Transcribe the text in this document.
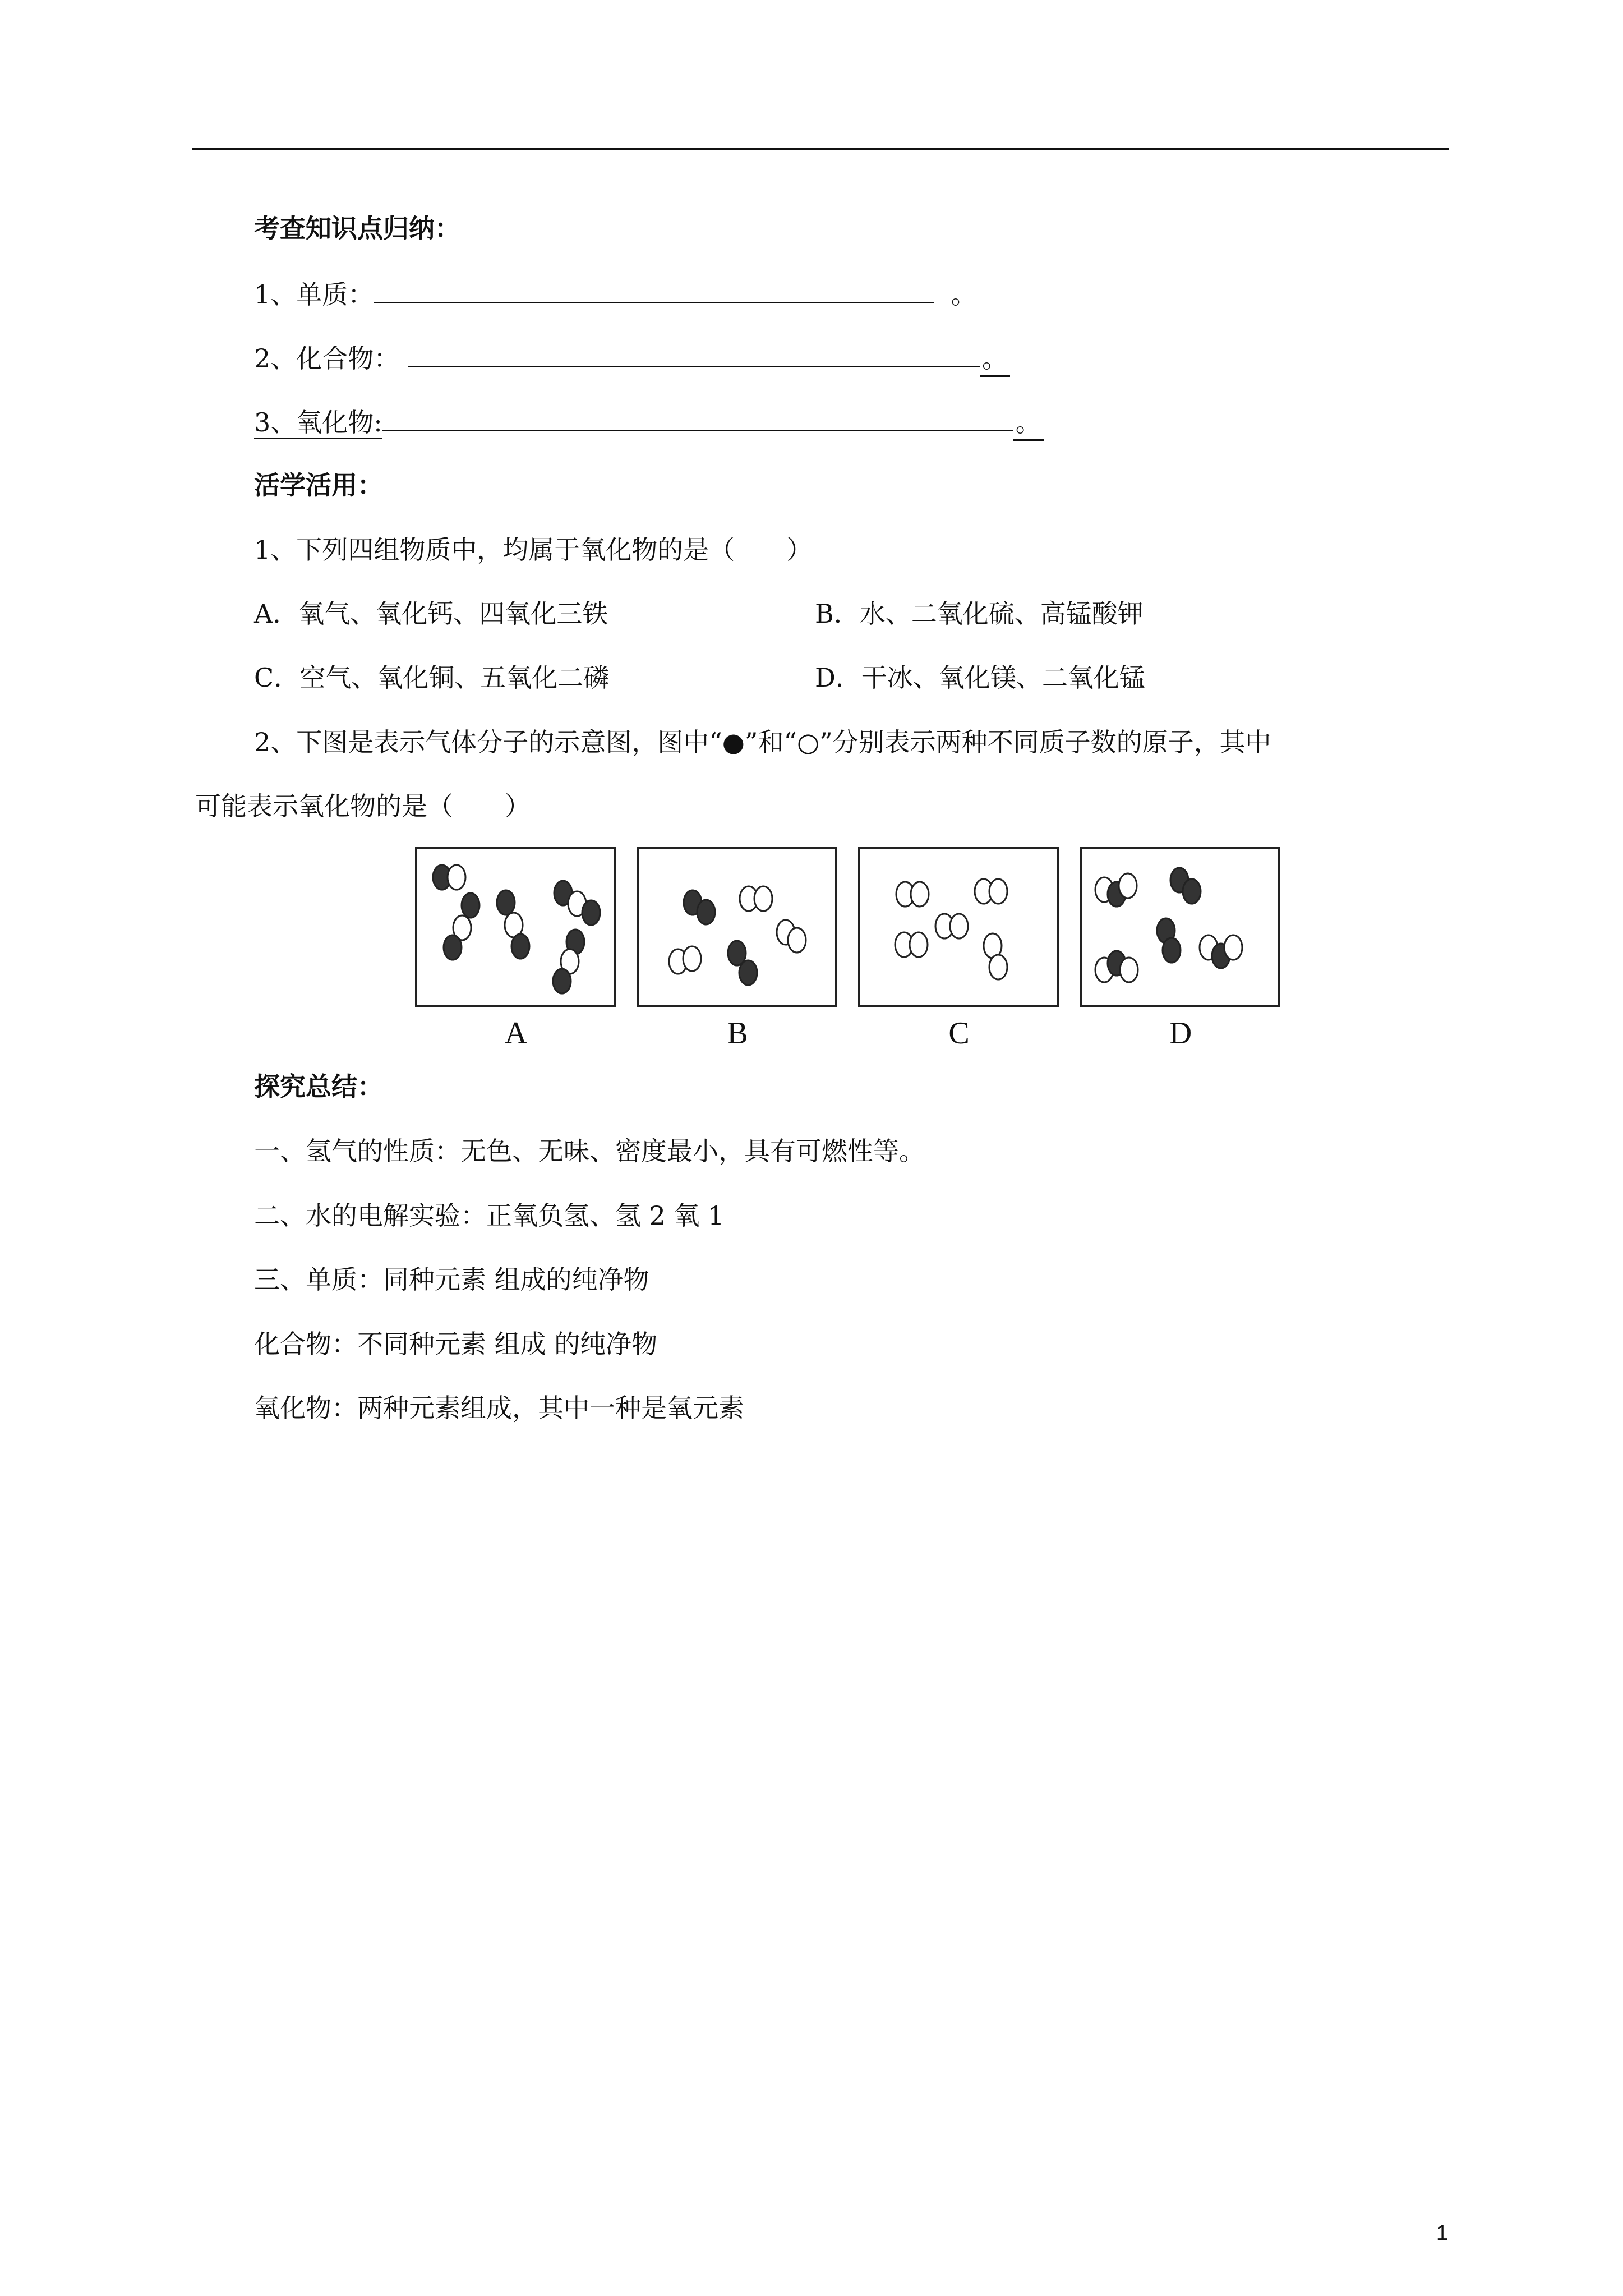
考查知识点归纳：
1、单质：	。
2、化合物：	。
3、氧化物:	。
活学活用：
1、下列四组物质中，均属于氧化物的是（　　）
A．氧气、氧化钙、四氧化三铁	B．水、二氧化硫、高锰酸钾
C．空气、氧化铜、五氧化二磷	D．干冰、氧化镁、二氧化锰
2、下图是表示气体分子的示意图，图中“●”和“○”分别表示两种不同质子数的原子，其中
可能表示氧化物的是（　　）
A	B	C	D
探究总结：
一、氢气的性质：无色、无味、密度最小，具有可燃性等。
二、水的电解实验：正氧负氢、氢 2 氧 1
三、单质：同种元素 组成的纯净物
化合物：不同种元素 组成 的纯净物
氧化物：两种元素组成，其中一种是氧元素
1
